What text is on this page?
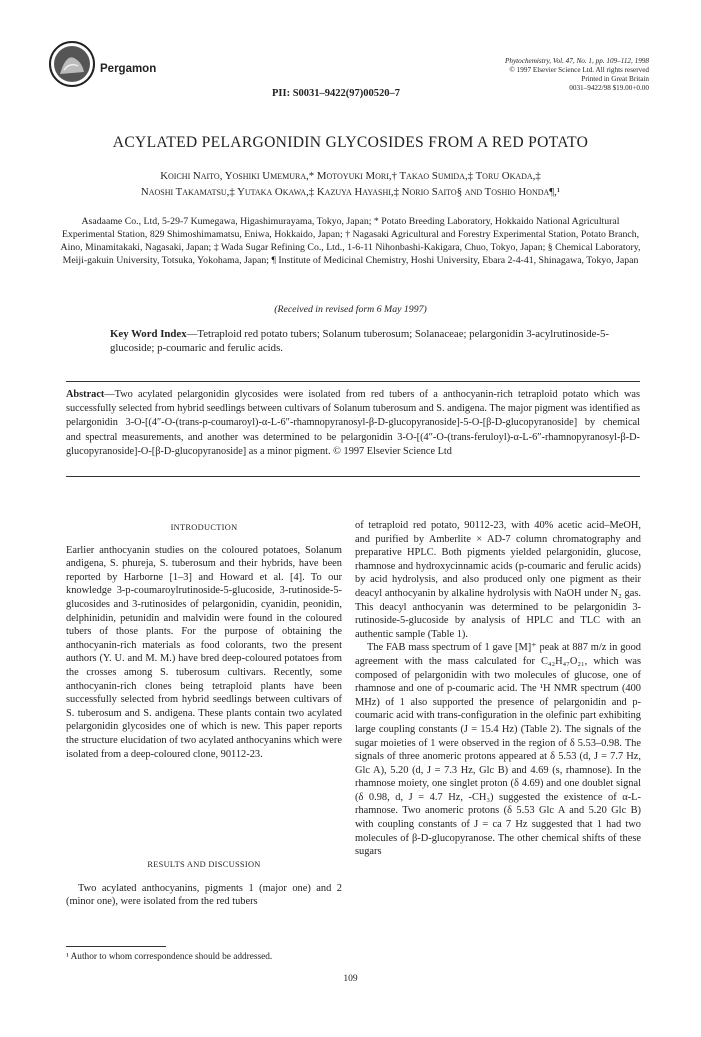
Pergamon
PII: S0031–9422(97)00520–7
Phytochemistry, Vol. 47, No. 1, pp. 109–112, 1998
© 1997 Elsevier Science Ltd. All rights reserved
Printed in Great Britain
0031–9422/98 $19.00+0.00
ACYLATED PELARGONIDIN GLYCOSIDES FROM A RED POTATO
Koichi Naito, Yoshiki Umemura,* Motoyuki Mori,† Takao Sumida,‡ Toru Okada,‡
Naoshi Takamatsu,‡ Yutaka Okawa,‡ Kazuya Hayashi,‡ Norio Saito§ and Toshio Honda¶,¹
Asadaame Co., Ltd, 5-29-7 Kumegawa, Higashimurayama, Tokyo, Japan; * Potato Breeding Laboratory, Hokkaido National Agricultural Experimental Station, 829 Shimoshimamatsu, Eniwa, Hokkaido, Japan; † Nagasaki Agricultural and Forestry Experimental Station, Potato Branch, Aino, Minamitakaki, Nagasaki, Japan; ‡ Wada Sugar Refining Co., Ltd., 1-6-11 Nihonbashi-Kakigara, Chuo, Tokyo, Japan; § Chemical Laboratory, Meiji-gakuin University, Totsuka, Yokohama, Japan; ¶ Institute of Medicinal Chemistry, Hoshi University, Ebara 2-4-41, Shinagawa, Tokyo, Japan
(Received in revised form 6 May 1997)
Key Word Index—Tetraploid red potato tubers; Solanum tuberosum; Solanaceae; pelargonidin 3-acylrutinoside-5-glucoside; p-coumaric and ferulic acids.
Abstract—Two acylated pelargonidin glycosides were isolated from red tubers of a anthocyanin-rich tetraploid potato which was successfully selected from hybrid seedlings between cultivars of Solanum tuberosum and S. andigena. The major pigment was identified as pelargonidin 3-O-[(4″-O-(trans-p-coumaroyl)-α-L-6″-rhamnopyranosyl-β-D-glucopyranoside]-5-O-[β-D-glucopyranoside] by chemical and spectral measurements, and another was determined to be pelargonidin 3-O-[(4″-O-(trans-feruloyl)-α-L-6″-rhamnopyranosyl-β-D-glucopyranoside]-O-[β-D-glucopyranoside] as a minor pigment. © 1997 Elsevier Science Ltd
INTRODUCTION
Earlier anthocyanin studies on the coloured potatoes, Solanum andigena, S. phureja, S. tuberosum and their hybrids, have been reported by Harborne [1–3] and Howard et al. [4]. To our knowledge 3-p-coumaroylrutinoside-5-glucoside, 3-rutinoside-5-glucosides and 3-rutinosides of pelargonidin, cyanidin, peonidin, delphinidin, petunidin and malvidin were found in the coloured tubers of those plants. For the purpose of obtaining the anthocyanin-rich materials as food colorants, two the present authors (Y. U. and M. M.) have bred deep-coloured potatoes from the crosses among S. tuberosum cultivars. Recently, some anthocyanin-rich clones being tetraploid plants have been successfully selected from hybrid seedlings between cultivars of S. tuberosum and S. andigena. These plants contain two acylated pelargonidin glycosides one of which is new. This paper reports the structure elucidation of two acylated anthocyanins which were isolated from a deep-coloured clone, 90112-23.
RESULTS AND DISCUSSION
Two acylated anthocyanins, pigments 1 (major one) and 2 (minor one), were isolated from the red tubers
of tetraploid red potato, 90112-23, with 40% acetic acid–MeOH, and purified by Amberlite × AD-7 column chromatography and preparative HPLC. Both pigments yielded pelargonidin, glucose, rhamnose and hydroxycinnamic acids (p-coumaric and ferulic acids) by acid hydrolysis, and also produced only one pigment as their deacyl anthocyanin by alkaline hydrolysis with NaOH under N₂ gas. This deacyl anthocyanin was determined to be pelargonidin 3-rutinoside-5-glucoside by analysis of HPLC and TLC with an authentic sample (Table 1).
The FAB mass spectrum of 1 gave [M]⁺ peak at 887 m/z in good agreement with the mass calculated for C₄₂H₄₇O₂₁, which was composed of pelargonidin with two molecules of glucose, one of rhamnose and one of p-coumaric acid. The ¹H NMR spectrum (400 MHz) of 1 also supported the presence of pelargonidin and p-coumaric acid with trans-configuration in the olefinic part exhibiting large coupling constants (J = 15.4 Hz) (Table 2). The signals of the sugar moieties of 1 were observed in the region of δ 5.53–0.98. The signals of three anomeric protons appeared at δ 5.53 (d, J = 7.7 Hz, Glc A), 5.20 (d, J = 7.3 Hz, Glc B) and 4.69 (s, rhamnose). In the rhamnose moiety, one singlet proton (δ 4.69) and one doublet signal (δ 0.98, d, J = 4.7 Hz, -CH₃) suggested the existence of α-L-rhamnose. Two anomeric protons (δ 5.53 Glc A and 5.20 Glc B) with coupling constants of J = ca 7 Hz suggested that 1 had two molecules of β-D-glucopyranose. The other chemical shifts of these sugars
¹ Author to whom correspondence should be addressed.
109
